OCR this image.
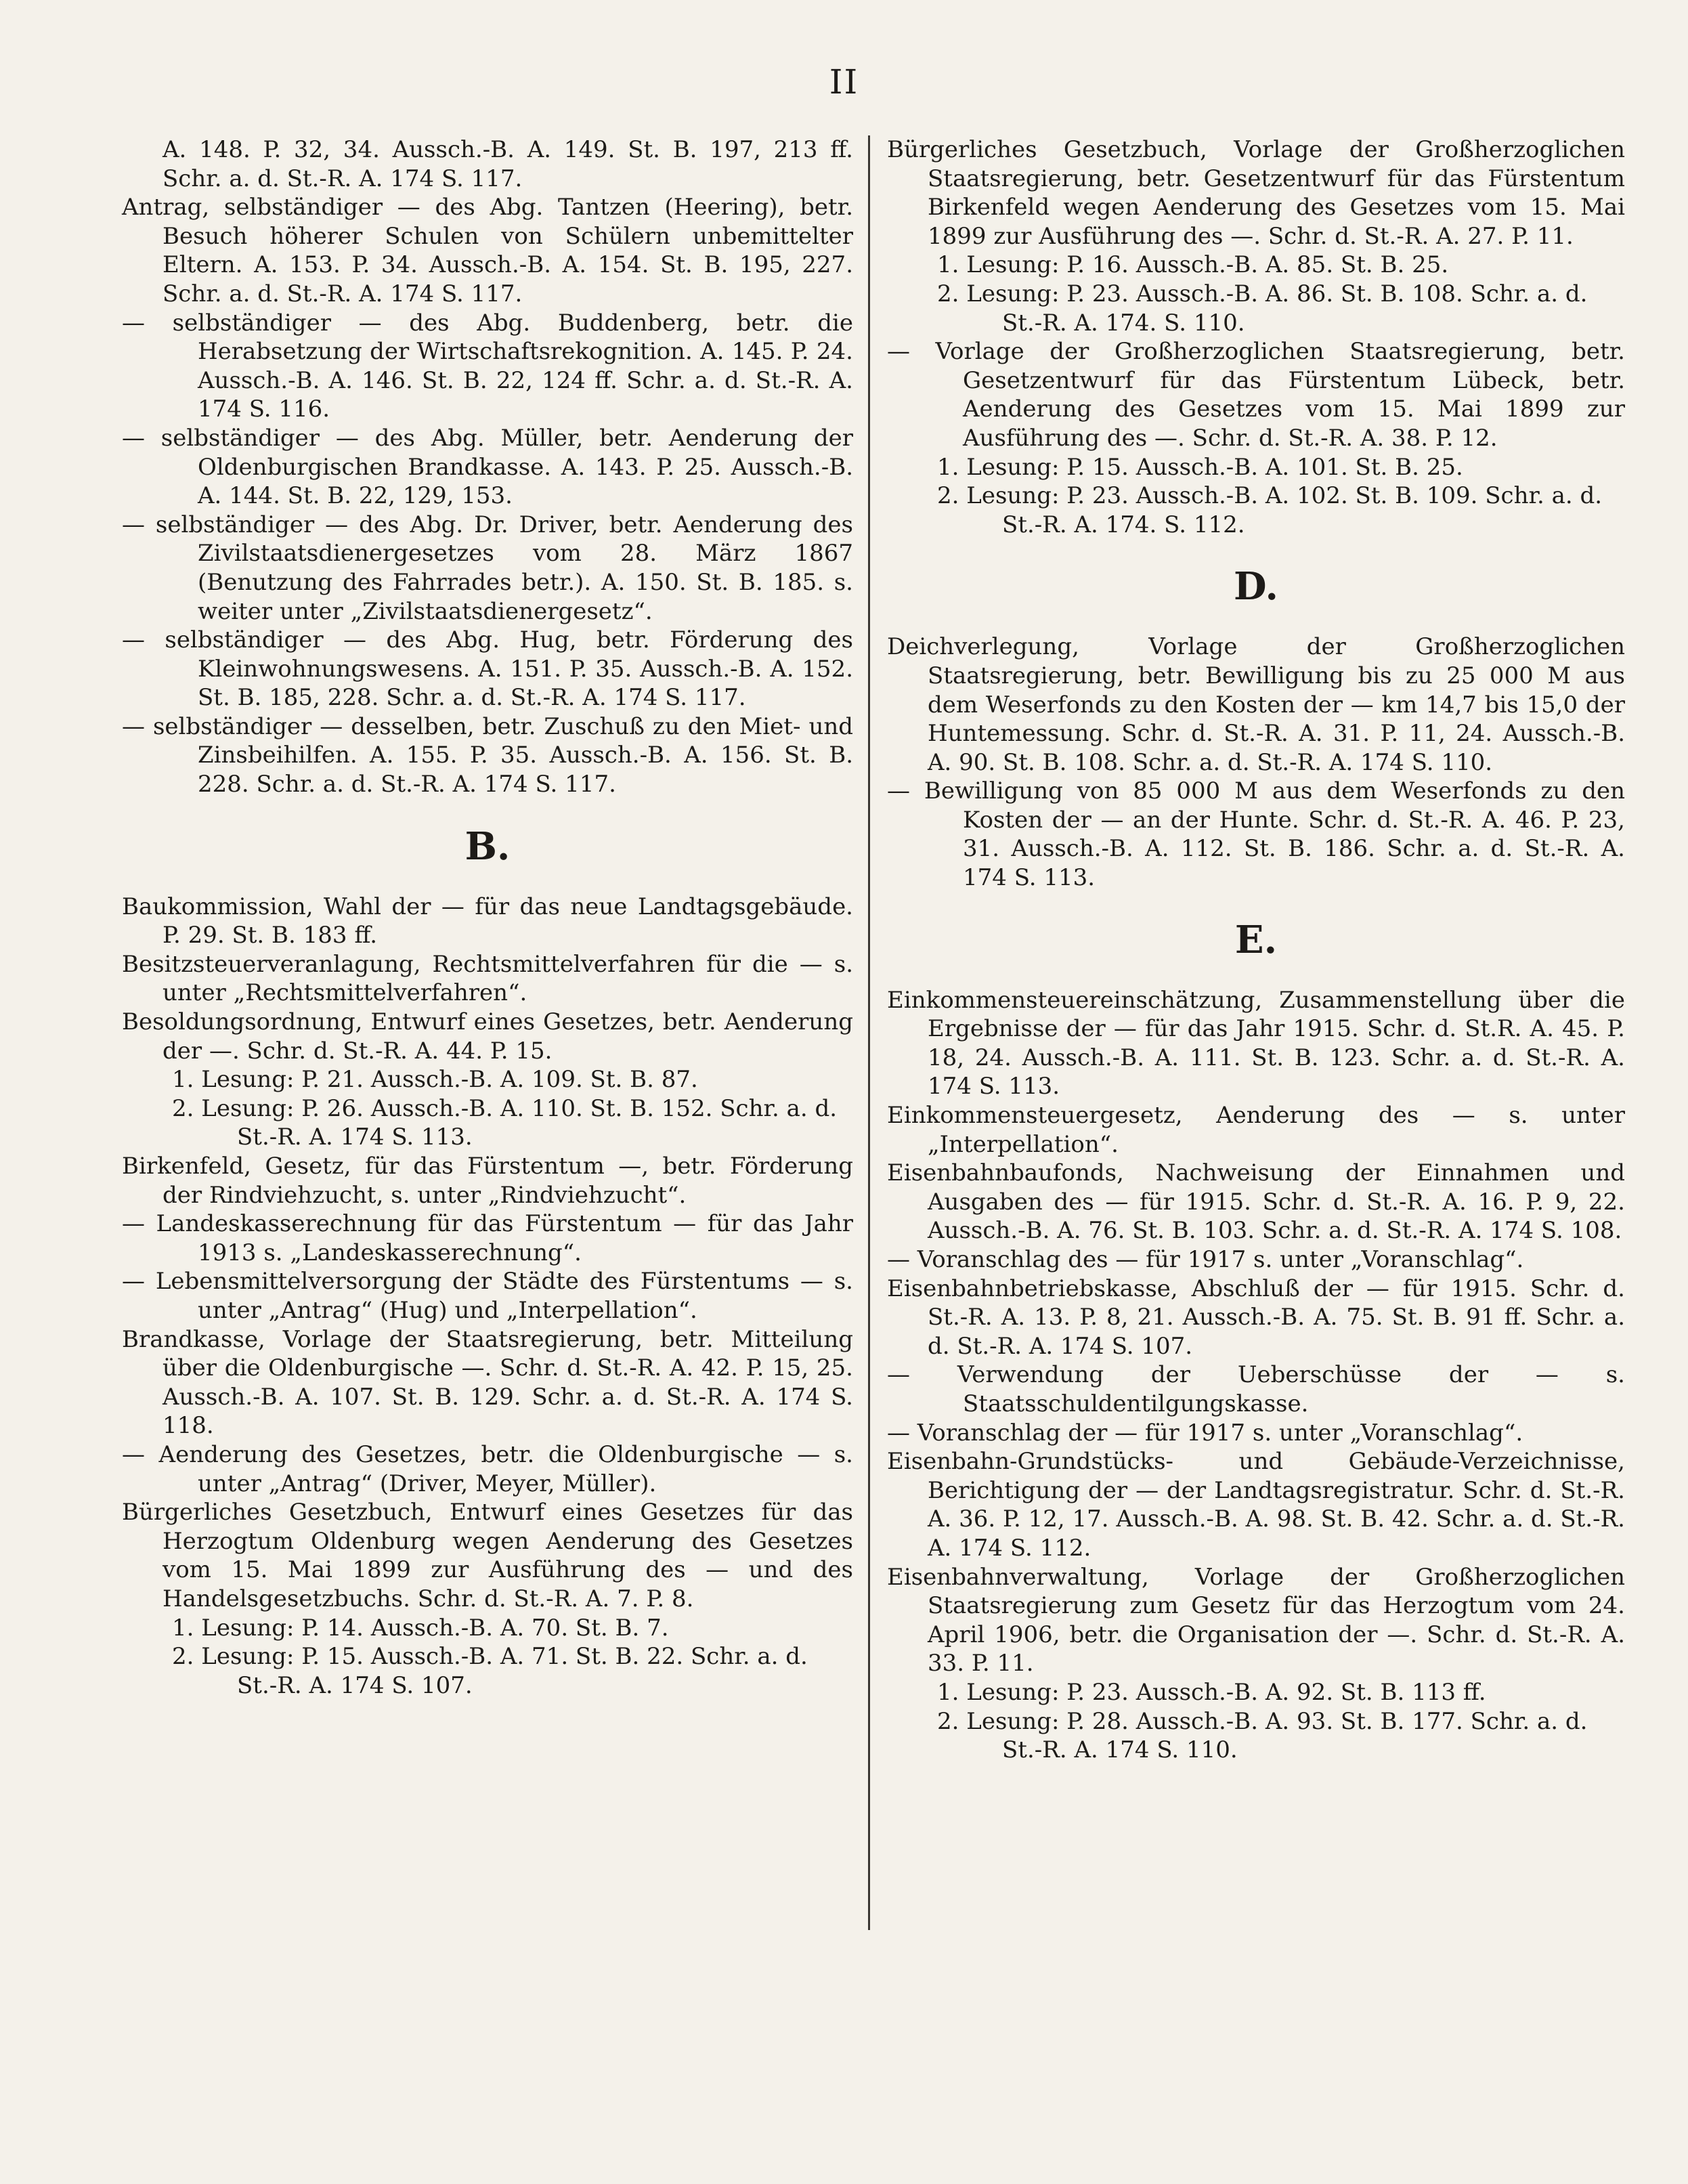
II

A. 148. P. 32, 34. Aussch.-B. A. 149. St. B. 197, 213 ff. Schr. a. d. St.-R. A. 174 S. 117.

Antrag, selbständiger — des Abg. Tantzen (Heering), betr. Besuch höherer Schulen von Schülern unbemittelter Eltern. A. 153. P. 34. Aussch.-B. A. 154. St. B. 195, 227. Schr. a. d. St.-R. A. 174 S. 117.

— selbständiger — des Abg. Buddenberg, betr. die Herabsetzung der Wirtschaftsrekognition. A. 145. P. 24. Aussch.-B. A. 146. St. B. 22, 124 ff. Schr. a. d. St.-R. A. 174 S. 116.

— selbständiger — des Abg. Müller, betr. Aenderung der Oldenburgischen Brandkasse. A. 143. P. 25. Aussch.-B. A. 144. St. B. 22, 129, 153.

— selbständiger — des Abg. Dr. Driver, betr. Aenderung des Zivilstaatsdienergesetzes vom 28. März 1867 (Benutzung des Fahrrades betr.). A. 150. St. B. 185. s. weiter unter „Zivilstaatsdienergesetz“.

— selbständiger — des Abg. Hug, betr. Förderung des Kleinwohnungswesens. A. 151. P. 35. Aussch.-B. A. 152. St. B. 185, 228. Schr. a. d. St.-R. A. 174 S. 117.

— selbständiger — desselben, betr. Zuschuß zu den Miet- und Zinsbeihilfen. A. 155. P. 35. Aussch.-B. A. 156. St. B. 228. Schr. a. d. St.-R. A. 174 S. 117.

B.

Baukommission, Wahl der — für das neue Landtagsgebäude. P. 29. St. B. 183 ff.

Besitzsteuerveranlagung, Rechtsmittelverfahren für die — s. unter „Rechtsmittelverfahren“.

Besoldungsordnung, Entwurf eines Gesetzes, betr. Aenderung der —. Schr. d. St.-R. A. 44. P. 15.

1. Lesung: P. 21. Aussch.-B. A. 109. St. B. 87.

2. Lesung: P. 26. Aussch.-B. A. 110. St. B. 152. Schr. a. d. St.-R. A. 174 S. 113.

Birkenfeld, Gesetz, für das Fürstentum —, betr. Förderung der Rindviehzucht, s. unter „Rindviehzucht“.

— Landeskasserechnung für das Fürstentum — für das Jahr 1913 s. „Landeskasserechnung“.

— Lebensmittelversorgung der Städte des Fürstentums — s. unter „Antrag“ (Hug) und „Interpellation“.

Brandkasse, Vorlage der Staatsregierung, betr. Mitteilung über die Oldenburgische —. Schr. d. St.-R. A. 42. P. 15, 25. Aussch.-B. A. 107. St. B. 129. Schr. a. d. St.-R. A. 174 S. 118.

— Aenderung des Gesetzes, betr. die Oldenburgische — s. unter „Antrag“ (Driver, Meyer, Müller).

Bürgerliches Gesetzbuch, Entwurf eines Gesetzes für das Herzogtum Oldenburg wegen Aenderung des Gesetzes vom 15. Mai 1899 zur Ausführung des — und des Handelsgesetzbuchs. Schr. d. St.-R. A. 7. P. 8.

1. Lesung: P. 14. Aussch.-B. A. 70. St. B. 7.

2. Lesung: P. 15. Aussch.-B. A. 71. St. B. 22. Schr. a. d. St.-R. A. 174 S. 107.

Bürgerliches Gesetzbuch, Vorlage der Großherzoglichen Staatsregierung, betr. Gesetzentwurf für das Fürstentum Birkenfeld wegen Aenderung des Gesetzes vom 15. Mai 1899 zur Ausführung des —. Schr. d. St.-R. A. 27. P. 11.

1. Lesung: P. 16. Aussch.-B. A. 85. St. B. 25.

2. Lesung: P. 23. Aussch.-B. A. 86. St. B. 108. Schr. a. d. St.-R. A. 174. S. 110.

— Vorlage der Großherzoglichen Staatsregierung, betr. Gesetzentwurf für das Fürstentum Lübeck, betr. Aenderung des Gesetzes vom 15. Mai 1899 zur Ausführung des —. Schr. d. St.-R. A. 38. P. 12.

1. Lesung: P. 15. Aussch.-B. A. 101. St. B. 25.

2. Lesung: P. 23. Aussch.-B. A. 102. St. B. 109. Schr. a. d. St.-R. A. 174. S. 112.

D.

Deichverlegung, Vorlage der Großherzoglichen Staatsregierung, betr. Bewilligung bis zu 25 000 M aus dem Weserfonds zu den Kosten der — km 14,7 bis 15,0 der Huntemessung. Schr. d. St.-R. A. 31. P. 11, 24. Aussch.-B. A. 90. St. B. 108. Schr. a. d. St.-R. A. 174 S. 110.

— Bewilligung von 85 000 M aus dem Weserfonds zu den Kosten der — an der Hunte. Schr. d. St.-R. A. 46. P. 23, 31. Aussch.-B. A. 112. St. B. 186. Schr. a. d. St.-R. A. 174 S. 113.

E.

Einkommensteuereinschätzung, Zusammenstellung über die Ergebnisse der — für das Jahr 1915. Schr. d. St.R. A. 45. P. 18, 24. Aussch.-B. A. 111. St. B. 123. Schr. a. d. St.-R. A. 174 S. 113.

Einkommensteuergesetz, Aenderung des — s. unter „Interpellation“.

Eisenbahnbaufonds, Nachweisung der Einnahmen und Ausgaben des — für 1915. Schr. d. St.-R. A. 16. P. 9, 22. Aussch.-B. A. 76. St. B. 103. Schr. a. d. St.-R. A. 174 S. 108.

— Voranschlag des — für 1917 s. unter „Voranschlag“.

Eisenbahnbetriebskasse, Abschluß der — für 1915. Schr. d. St.-R. A. 13. P. 8, 21. Aussch.-B. A. 75. St. B. 91 ff. Schr. a. d. St.-R. A. 174 S. 107.

— Verwendung der Ueberschüsse der — s. Staatsschuldentilgungskasse.

— Voranschlag der — für 1917 s. unter „Voranschlag“.

Eisenbahn-Grundstücks- und Gebäude-Verzeichnisse, Berichtigung der — der Landtagsregistratur. Schr. d. St.-R. A. 36. P. 12, 17. Aussch.-B. A. 98. St. B. 42. Schr. a. d. St.-R. A. 174 S. 112.

Eisenbahnverwaltung, Vorlage der Großherzoglichen Staatsregierung zum Gesetz für das Herzogtum vom 24. April 1906, betr. die Organisation der —. Schr. d. St.-R. A. 33. P. 11.

1. Lesung: P. 23. Aussch.-B. A. 92. St. B. 113 ff.

2. Lesung: P. 28. Aussch.-B. A. 93. St. B. 177. Schr. a. d. St.-R. A. 174 S. 110.
